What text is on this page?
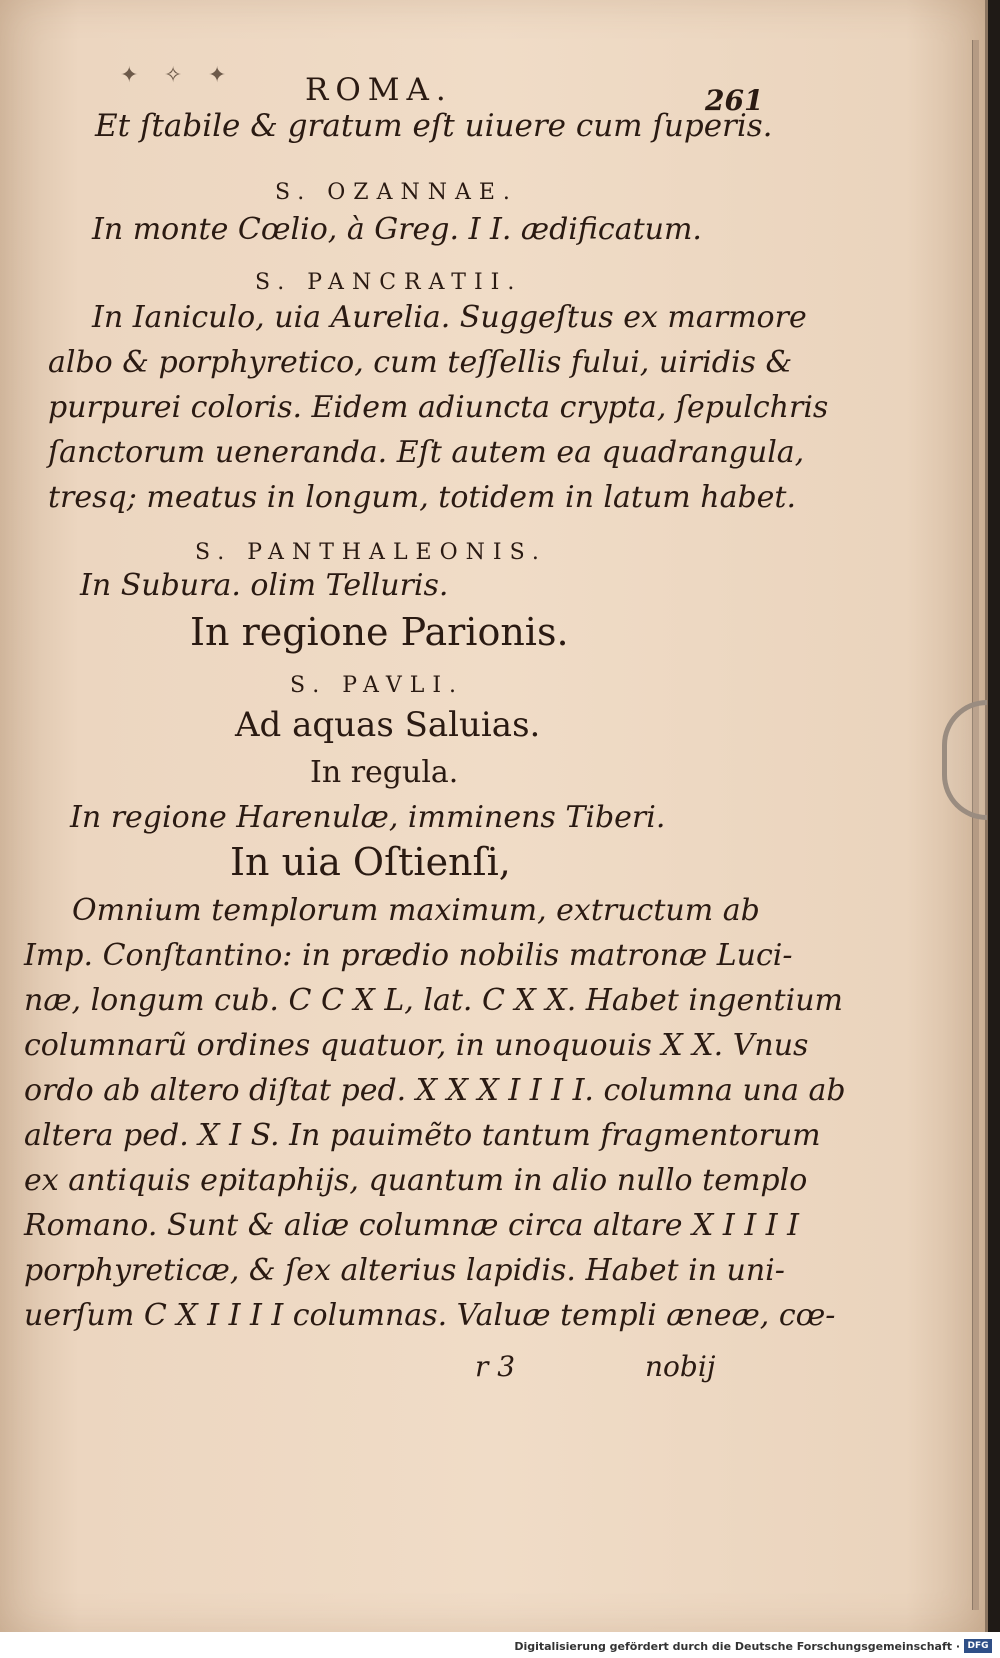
✦ ✧ ✦ ROMA.	261
Et ſtabile & gratum eſt uiuere cum ſuperis.
S. OZANNAE.
In monte Cœlio, à Greg. I I. ædificatum.
S. PANCRATII.
In Ianiculo, uia Aurelia. Suggeſtus ex marmore
albo & porphyretico, cum teſſellis fului, uiridis &
purpurei coloris. Eidem adiuncta crypta, ſepulchris
ſanctorum ueneranda. Eſt autem ea quadrangula,
tresq; meatus in longum, totidem in latum habet.
S. PANTHALEONIS.
In Subura. olim Telluris.
In regione Parionis.
S. PAVLI.
Ad aquas Saluias.
In regula.
In regione Harenulæ, imminens Tiberi.
In uia Oſtienſi,
Omnium templorum maximum, extructum ab
Imp. Conſtantino: in prædio nobilis matronæ Luci-
næ, longum cub. C C X L, lat. C X X. Habet ingentium
columnarũ ordines quatuor, in unoquouis X X. Vnus
ordo ab altero diſtat ped. X X X I I I I. columna una ab
altera ped. X I S. In pauimẽto tantum fragmentorum
ex antiquis epitaphijs, quantum in alio nullo templo
Romano. Sunt & aliæ columnæ circa altare X I I I I
porphyreticæ, & ſex alterius lapidis. Habet in uni-
uerſum C X I I I I columnas. Valuæ templi æneæ, cœ-
r 3	nobij
Digitalisierung gefördert durch die Deutsche Forschungsgemeinschaft · DFG
